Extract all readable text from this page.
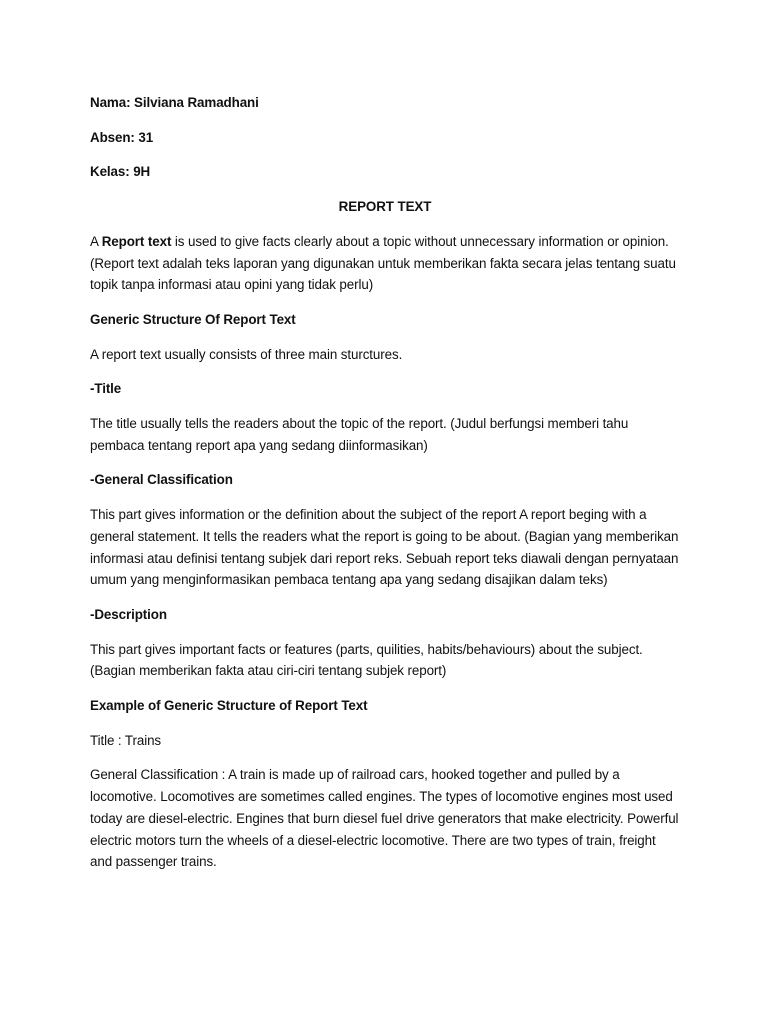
Nama: Silviana Ramadhani

Absen: 31

Kelas: 9H

REPORT TEXT

A Report text is used to give facts clearly about a topic without unnecessary information or opinion. (Report text adalah teks laporan yang digunakan untuk memberikan fakta secara jelas tentang suatu topik tanpa informasi atau opini yang tidak perlu)

Generic Structure Of Report Text

A report text usually consists of three main sturctures.

-Title

The title usually tells the readers about the topic of the report. (Judul berfungsi memberi tahu pembaca tentang report apa yang sedang diinformasikan)

-General Classification

This part gives information or the definition about the subject of the report A report beging with a general statement. It tells the readers what the report is going to be about. (Bagian yang memberikan informasi atau definisi tentang subjek dari report reks. Sebuah report teks diawali dengan pernyataan umum yang menginformasikan pembaca tentang apa yang sedang disajikan dalam teks)

-Description

This part gives important facts or features (parts, quilities, habits/behaviours) about the subject. (Bagian memberikan fakta atau ciri-ciri tentang subjek report)

Example of Generic Structure of Report Text

Title : Trains

General Classification : A train is made up of railroad cars, hooked together and pulled by a locomotive. Locomotives are sometimes called engines. The types of locomotive engines most used today are diesel-electric. Engines that burn diesel fuel drive generators that make electricity. Powerful electric motors turn the wheels of a diesel-electric locomotive. There are two types of train, freight and passenger trains.
